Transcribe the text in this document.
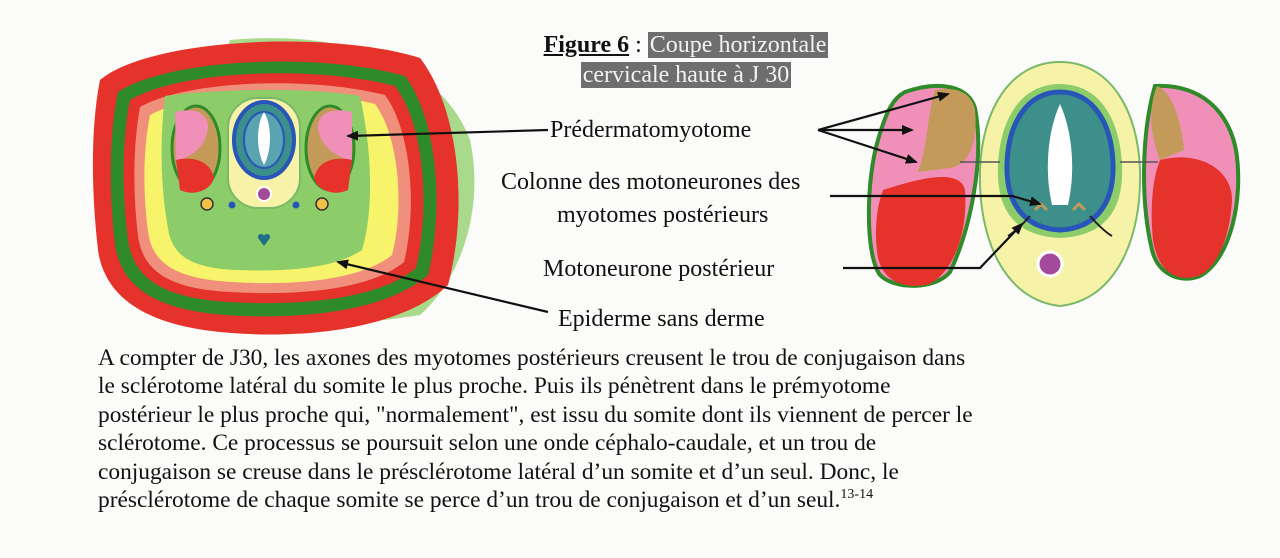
Figure 6 : Coupe horizontale
cervicale haute à J 30
Prédermatomyotome
Colonne des motoneurones des
myotomes postérieurs
Motoneurone postérieur
Epiderme sans derme

A compter de J30, les axones des myotomes postérieurs creusent le trou de conjugaison dans

le sclérotome latéral du somite le plus proche. Puis ils pénètrent dans le prémyotome

postérieur le plus proche qui, "normalement", est issu du somite dont ils viennent de percer le

sclérotome. Ce processus se poursuit selon une onde céphalo-caudale, et un trou de

conjugaison se creuse dans le présclérotome latéral d’un somite et d’un seul. Donc, le

présclérotome de chaque somite se perce d’un trou de conjugaison et d’un seul.$^{13-14}$
